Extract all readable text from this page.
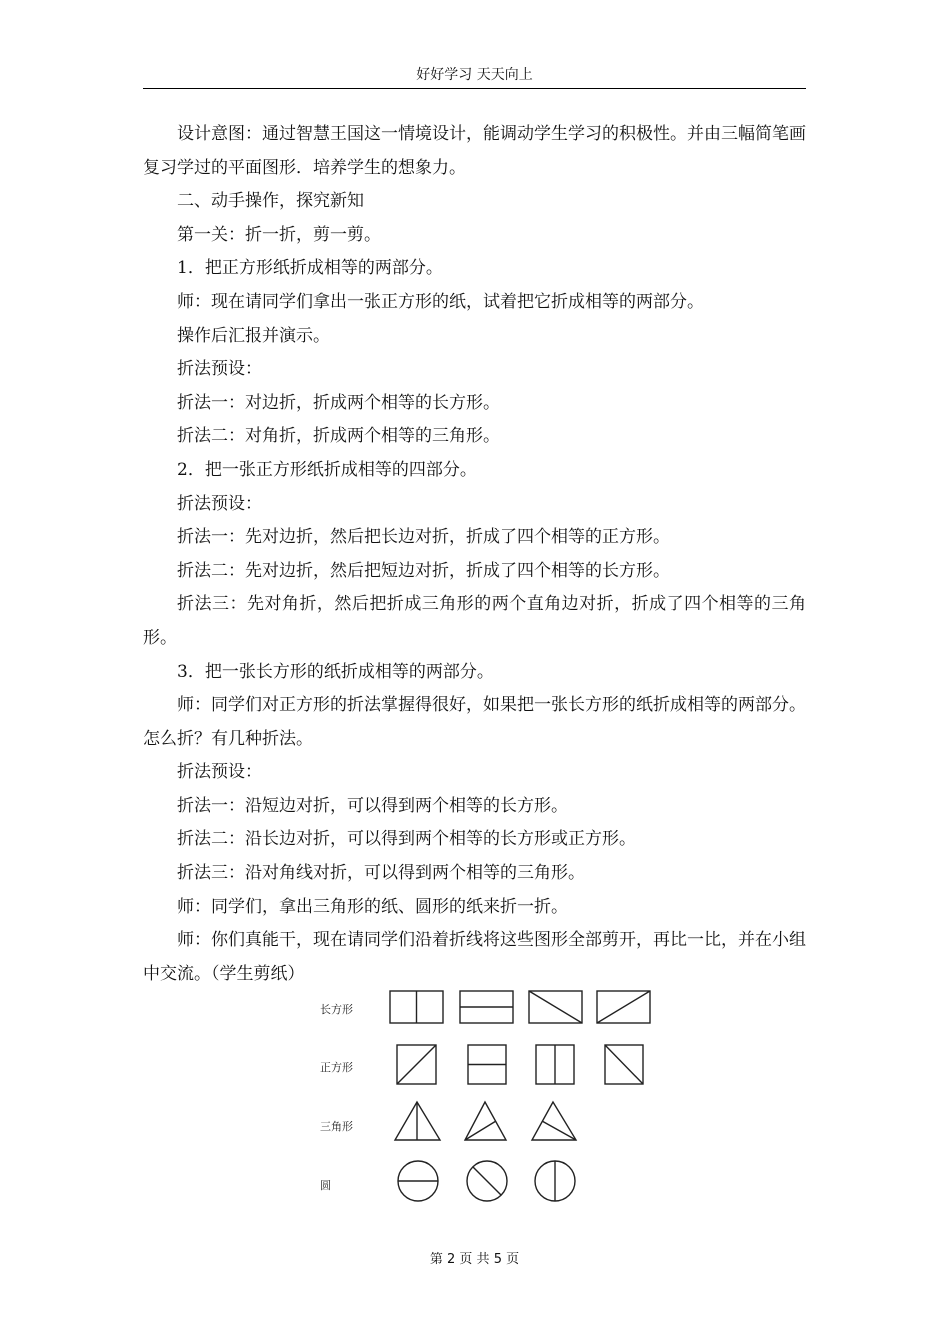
好好学习 天天向上

设计意图：通过智慧王国这一情境设计，能调动学生学习的积极性。并由三幅简笔画复习学过的平面图形．培养学生的想象力。

二、动手操作，探究新知

第一关：折一折，剪一剪。

1．把正方形纸折成相等的两部分。

师：现在请同学们拿出一张正方形的纸，试着把它折成相等的两部分。

操作后汇报并演示。

折法预设：

折法一：对边折，折成两个相等的长方形。

折法二：对角折，折成两个相等的三角形。

2．把一张正方形纸折成相等的四部分。

折法预设：

折法一：先对边折，然后把长边对折，折成了四个相等的正方形。

折法二：先对边折，然后把短边对折，折成了四个相等的长方形。

折法三：先对角折，然后把折成三角形的两个直角边对折，折成了四个相等的三角形。

3．把一张长方形的纸折成相等的两部分。

师：同学们对正方形的折法掌握得很好，如果把一张长方形的纸折成相等的两部分。怎么折？有几种折法。

折法预设：

折法一：沿短边对折，可以得到两个相等的长方形。

折法二：沿长边对折，可以得到两个相等的长方形或正方形。

折法三：沿对角线对折，可以得到两个相等的三角形。

师：同学们，拿出三角形的纸、圆形的纸来折一折。

师：你们真能干，现在请同学们沿着折线将这些图形全部剪开，再比一比，并在小组中交流。（学生剪纸）

长方形
正方形
三角形
圆
第 2 页 共 5 页
